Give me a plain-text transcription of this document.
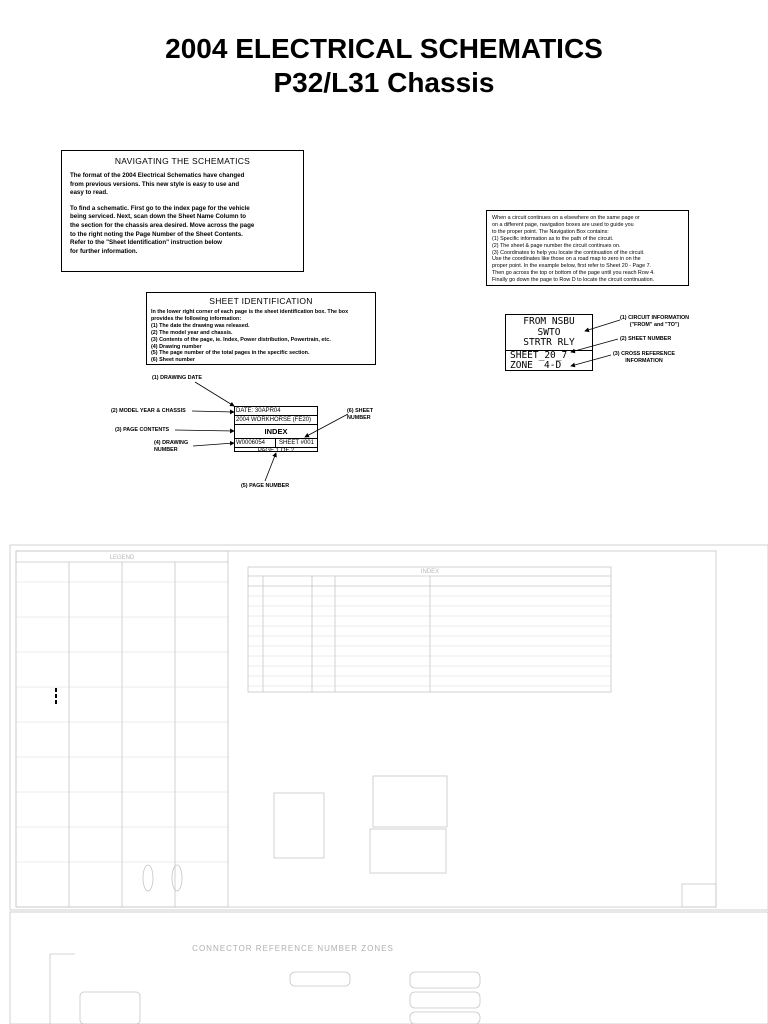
2004 ELECTRICAL SCHEMATICS
P32/L31 Chassis
NAVIGATING THE SCHEMATICS
The format of the 2004 Electrical Schematics have changed
from previous versions. This new style is easy to use and
easy to read.
To find a schematic. First go to the index page for the vehicle
being serviced. Next, scan down the Sheet Name Column to
the section for the chassis area desired. Move across the page
to the right noting the Page Number of the Sheet Contents.
Refer to the "Sheet Identification" instruction below
for further information.
When a circuit continues on a elsewhere on the same page or
on a different page, navigation boxes are used to guide you
to the proper point. The Navigation Box contains:
(1) Specific information as to the path of the circuit.
(2) The sheet & page number the circuit continues on.
(3) Coordinates to help you locate the continuation of the circuit.
Use the coordinates like those on a road map to zero in on the
proper point. In the example below, first refer to Sheet 20 - Page 7.
Then go across the top or bottom of the page until you reach Row 4.
Finally go down the page to Row D to locate the circuit continuation.
FROM NSBU
SWTO
STRTR RLY
SHEET_20_7
ZONE 4-D
(1) CIRCUIT INFORMATION
("FROM" and "TO")
(2) SHEET NUMBER
(3) CROSS REFERENCE
INFORMATION
SHEET IDENTIFICATION
In the lower right corner of each page is the sheet identification box. The box
provides the following information:
(1) The date the drawing was released.
(2) The model year and chassis.
(3) Contents of the page, ie. Index, Power distribution, Powertrain, etc.
(4) Drawing number
(5) The page number of the total pages in the specific section.
(6) Sheet number
DATE: 30APR04
2004 WORKHORSE (FE20)
INDEX
W0006054	SHEET #001
PAGE 1 OF 2
(1) DRAWING DATE
(2) MODEL YEAR & CHASSIS
(3) PAGE CONTENTS
(4) DRAWING
NUMBER
(5) PAGE NUMBER
(6) SHEET
NUMBER
LEGEND
INDEX
CONNECTOR REFERENCE NUMBER ZONES
